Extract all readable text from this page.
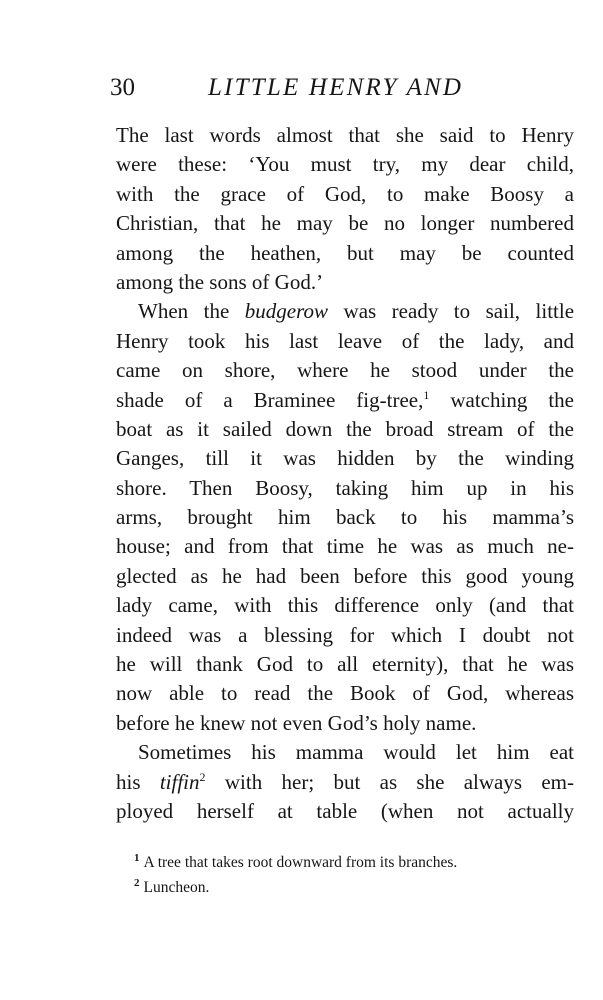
30	LITTLE HENRY AND
The last words almost that she said to Henry
were these: ‘You must try, my dear child,
with the grace of God, to make Boosy a
Christian, that he may be no longer numbered
among the heathen, but may be counted
among the sons of God.’
When the budgerow was ready to sail, little
Henry took his last leave of the lady, and
came on shore, where he stood under the
shade of a Braminee fig-tree,$^1$ watching the
boat as it sailed down the broad stream of the
Ganges, till it was hidden by the winding
shore. Then Boosy, taking him up in his
arms, brought him back to his mamma’s
house; and from that time he was as much ne-
glected as he had been before this good young
lady came, with this difference only (and that
indeed was a blessing for which I doubt not
he will thank God to all eternity), that he was
now able to read the Book of God, whereas
before he knew not even God’s holy name.
Sometimes his mamma would let him eat
his tiffin$^2$ with her; but as she always em-
ployed herself at table (when not actually
$^1$ A tree that takes root downward from its branches.
$^2$ Luncheon.
